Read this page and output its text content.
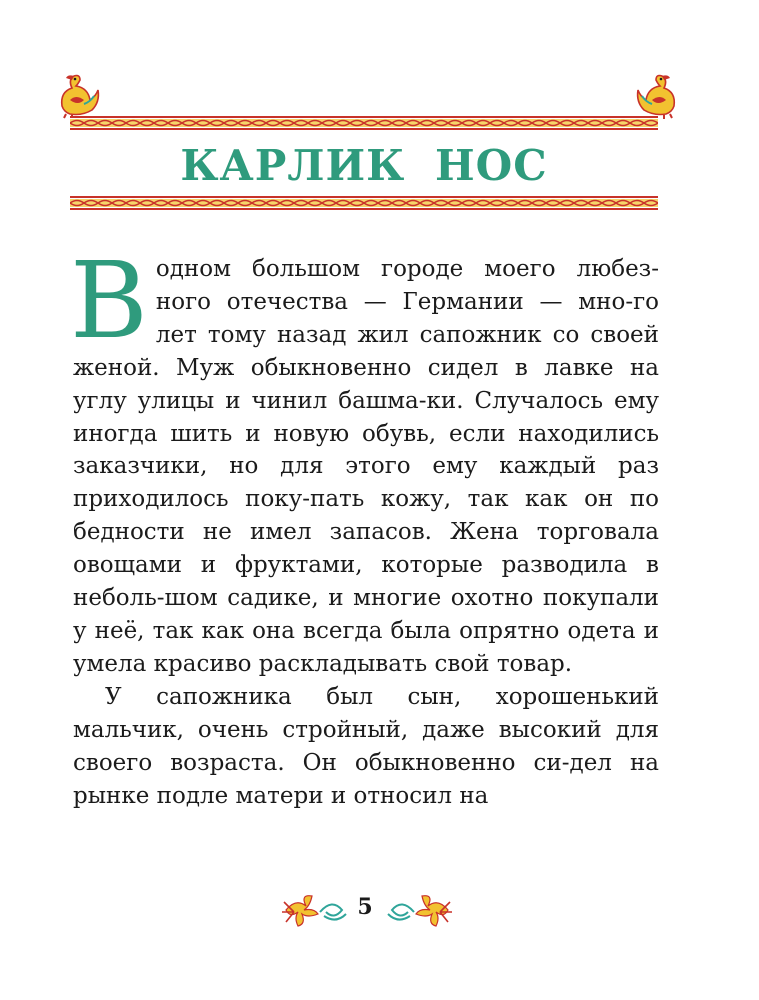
КАРЛИК НОС

Водном большом городе моего любез- ного отечества — Германии — мно-го лет тому назад жил сапожник со своей женой. Муж обыкновенно сидел в лавке на углу улицы и чинил башма-ки. Случалось ему иногда шить и новую обувь, если находились заказчики, но для этого ему каждый раз приходилось поку-пать кожу, так как он по бедности не имел запасов. Жена торговала овощами и фруктами, которые разводила в неболь-шом садике, и многие охотно покупали у неё, так как она всегда была опрятно одета и умела красиво раскладывать свой товар.

У сапожника был сын, хорошенький мальчик, очень стройный, даже высокий для своего возраста. Он обыкновенно си-дел на рынке подле матери и относил на

5
